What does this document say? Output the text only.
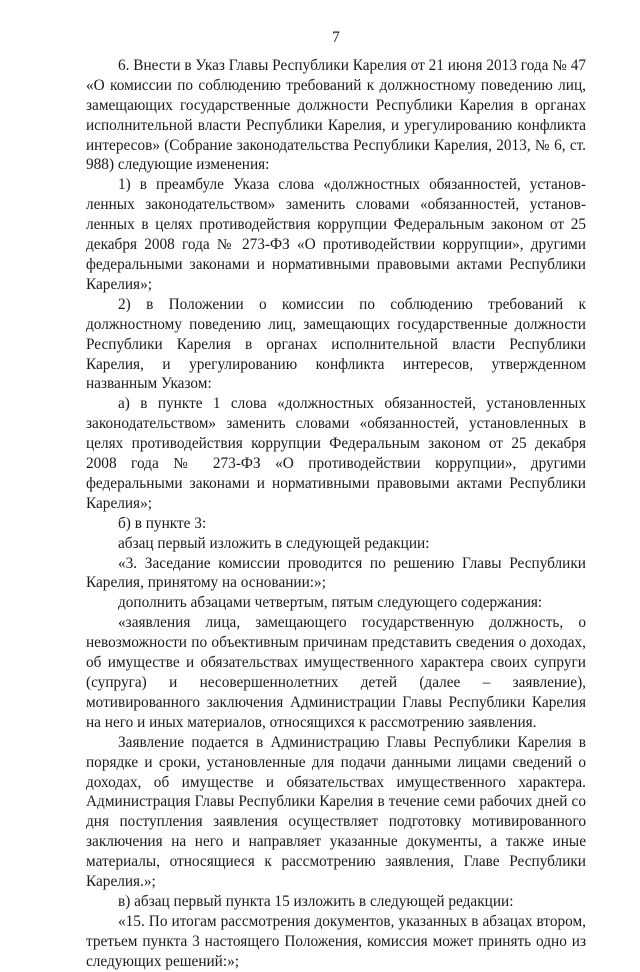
7

6. Внести в Указ Главы Республики Карелия от 21 июня 2013 года № 47 «О комиссии по соблюдению требований к должностному поведению лиц, замещающих государственные должности Республики Карелия в органах исполнительной власти Республики Карелия, и урегулированию конфликта интересов» (Собрание законодательства Республики Карелия, 2013, № 6, ст. 988) следующие изменения:

1) в преамбуле Указа слова «должностных обязанностей, установленных законодательством» заменить словами «обязанностей, установленных в целях противодействия коррупции Федеральным законом от 25 декабря 2008 года № 273-ФЗ «О противодействии коррупции», другими федеральными законами и нормативными правовыми актами Республики Карелия»;

2) в Положении о комиссии по соблюдению требований к должностному поведению лиц, замещающих государственные должности Республики Карелия в органах исполнительной власти Республики Карелия, и урегулированию конфликта интересов, утвержденном названным Указом:

а) в пункте 1 слова «должностных обязанностей, установленных законодательством» заменить словами «обязанностей, установленных в целях противодействия коррупции Федеральным законом от 25 декабря 2008 года № 273-ФЗ «О противодействии коррупции», другими федеральными законами и нормативными правовыми актами Республики Карелия»;

б) в пункте 3:

абзац первый изложить в следующей редакции:

«3. Заседание комиссии проводится по решению Главы Республики Карелия, принятому на основании:»;

дополнить абзацами четвертым, пятым следующего содержания:

«заявления лица, замещающего государственную должность, о невозможности по объективным причинам представить сведения о доходах, об имуществе и обязательствах имущественного характера своих супруги (супруга) и несовершеннолетних детей (далее – заявление), мотивированного заключения Администрации Главы Республики Карелия на него и иных материалов, относящихся к рассмотрению заявления.

Заявление подается в Администрацию Главы Республики Карелия в порядке и сроки, установленные для подачи данными лицами сведений о доходах, об имуществе и обязательствах имущественного характера. Администрация Главы Республики Карелия в течение семи рабочих дней со дня поступления заявления осуществляет подготовку мотивированного заключения на него и направляет указанные документы, а также иные материалы, относящиеся к рассмотрению заявления, Главе Республики Карелия.»;

в) абзац первый пункта 15 изложить в следующей редакции:

«15. По итогам рассмотрения документов, указанных в абзацах втором, третьем пункта 3 настоящего Положения, комиссия может принять одно из следующих решений:»;
